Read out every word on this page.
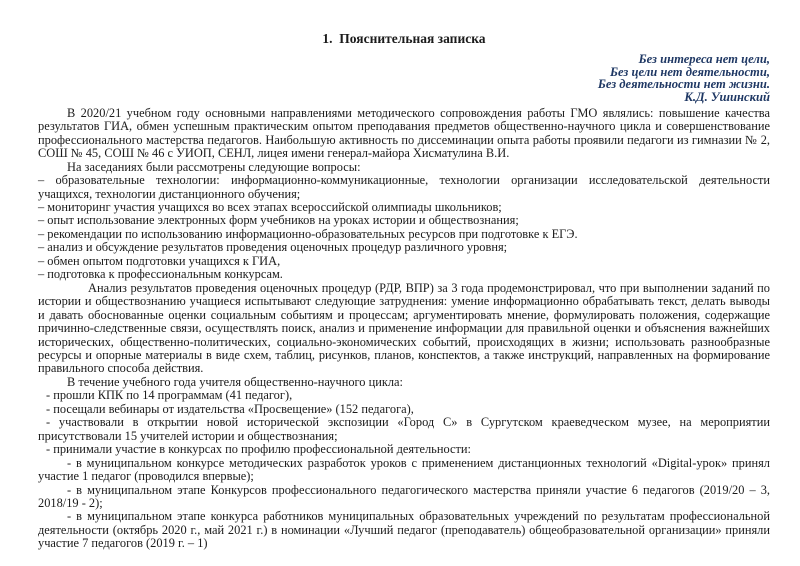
1.  Пояснительная записка

Без интереса нет цели,

Без цели нет деятельности,

Без деятельности нет жизни.

К.Д. Ушинский

В 2020/21 учебном году основными направлениями методического сопровождения работы ГМО являлись: повышение качества результатов ГИА, обмен успешным практическим опытом преподавания предметов общественно-научного цикла и совершенствование профессионального мастерства педагогов. Наибольшую активность по диссеминации опыта работы проявили педагоги из гимназии № 2, СОШ № 45, СОШ № 46 с УИОП, СЕНЛ, лицея имени генерал-майора Хисматулина В.И.

На заседаниях были рассмотрены следующие вопросы:

– образовательные технологии: информационно-коммуникационные, технологии организации исследовательской деятельности учащихся, технологии дистанционного обучения;

– мониторинг участия учащихся во всех этапах всероссийской олимпиады школьников;

– опыт использование электронных форм учебников на уроках истории и обществознания;

– рекомендации по использованию информационно-образовательных ресурсов при подготовке к ЕГЭ.

– анализ и обсуждение результатов проведения оценочных процедур различного уровня;

– обмен опытом подготовки учащихся к ГИА,

– подготовка к профессиональным конкурсам.

Анализ результатов проведения оценочных процедур (РДР, ВПР) за 3 года продемонстрировал, что при выполнении заданий по истории и обществознанию учащиеся испытывают следующие затруднения: умение информационно обрабатывать текст, делать выводы и давать обоснованные оценки социальным событиям и процессам; аргументировать мнение, формулировать положения, содержащие причинно-следственные связи, осуществлять поиск, анализ и применение информации для правильной оценки и объяснения важнейших исторических, общественно-политических, социально-экономических событий, происходящих в жизни; использовать разнообразные ресурсы и опорные материалы в виде схем, таблиц, рисунков, планов, конспектов, а также инструкций, направленных на формирование правильного способа действия.

В течение учебного года учителя общественно-научного цикла:

- прошли КПК по 14 программам (41 педагог),

- посещали вебинары от издательства «Просвещение» (152 педагога),

- участвовали в открытии новой исторической экспозиции «Город С» в Сургутском краеведческом музее, на мероприятии присутствовали 15 учителей истории и обществознания;

- принимали участие в конкурсах по профилю профессиональной деятельности:

- в муниципальном конкурсе методических разработок уроков с применением дистанционных технологий «Digital-урок» принял участие 1 педагог (проводился впервые);

- в муниципальном этапе Конкурсов профессионального педагогического мастерства приняли участие 6 педагогов (2019/20 – 3, 2018/19 - 2);

- в муниципальном этапе конкурса работников муниципальных образовательных учреждений по результатам профессиональной деятельности (октябрь 2020 г., май 2021 г.) в номинации «Лучший педагог (преподаватель) общеобразовательной организации» приняли участие 7 педагогов (2019 г. – 1)
